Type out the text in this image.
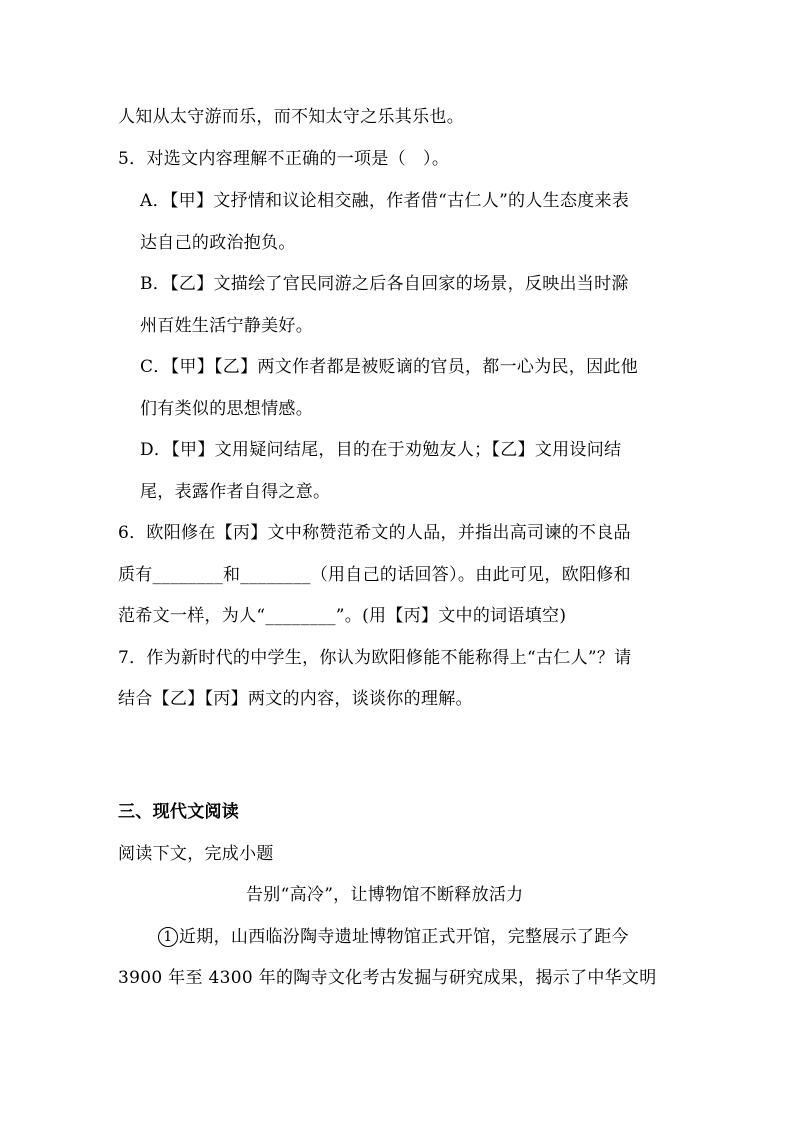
人知从太守游而乐，而不知太守之乐其乐也。
5．对选文内容理解不正确的一项是（   ）。
A．【甲】文抒情和议论相交融，作者借“古仁人”的人生态度来表
达自己的政治抱负。
B．【乙】文描绘了官民同游之后各自回家的场景，反映出当时滁
州百姓生活宁静美好。
C．【甲】【乙】两文作者都是被贬谪的官员，都一心为民，因此他
们有类似的思想情感。
D．【甲】文用疑问结尾，目的在于劝勉友人；【乙】文用设问结
尾，表露作者自得之意。
6．欧阳修在【丙】文中称赞范希文的人品，并指出高司谏的不良品
质有________和________（用自己的话回答）。由此可见，欧阳修和
范希文一样，为人“________”。(用【丙】文中的词语填空)
7．作为新时代的中学生，你认为欧阳修能不能称得上“古仁人”？请
结合【乙】【丙】两文的内容，谈谈你的理解。
三、现代文阅读
阅读下文，完成小题
告别“高冷”，让博物馆不断释放活力
1 近期，山西临汾陶寺遗址博物馆正式开馆，完整展示了距今
3900 年至 4300 年的陶寺文化考古发掘与研究成果，揭示了中华文明
